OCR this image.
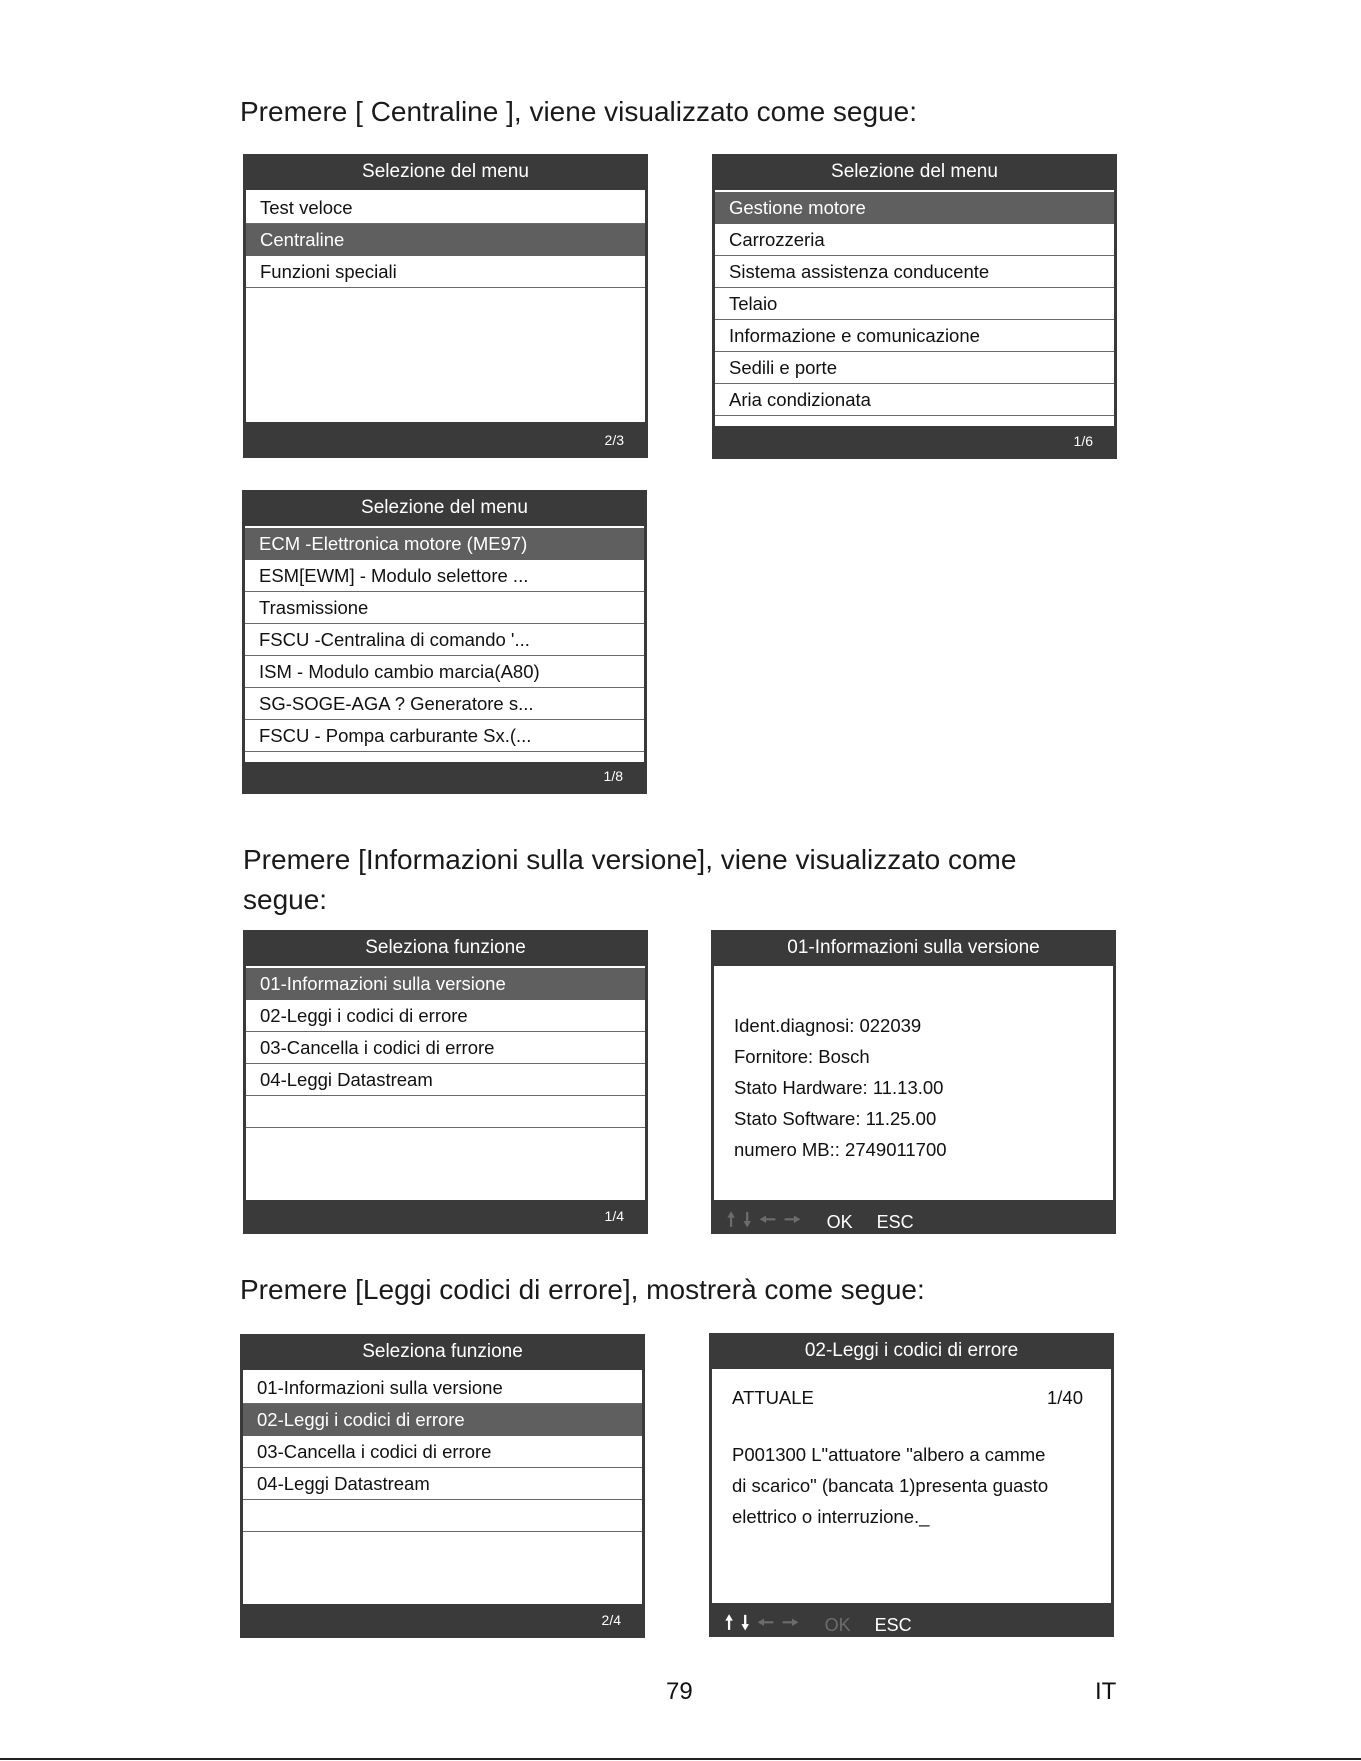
Premere [ Centraline ], viene visualizzato come segue:
Selezione del menu
Test veloce
Centraline
Funzioni speciali
2/3
Selezione del menu
Gestione motore
Carrozzeria
Sistema assistenza conducente
Telaio
Informazione e comunicazione
Sedili e porte
Aria condizionata
1/6
Selezione del menu
ECM -Elettronica motore (ME97)
ESM[EWM] - Modulo selettore ...
Trasmissione
FSCU -Centralina di comando '...
ISM - Modulo cambio marcia(A80)
SG-SOGE-AGA ? Generatore s...
FSCU - Pompa carburante Sx.(...
1/8
Premere [Informazioni sulla versione], viene visualizzato come
segue:
Seleziona funzione
01-Informazioni sulla versione
02-Leggi i codici di errore
03-Cancella i codici di errore
04-Leggi Datastream
1/4
01-Informazioni sulla versione
Ident.diagnosi: 022039
Fornitore: Bosch
Stato Hardware: 11.13.00
Stato Software: 11.25.00
numero MB:: 2749011700
🠕 🠗 🠔 🠖 OK ESC
Premere [Leggi codici di errore], mostrerà come segue:
Seleziona funzione
01-Informazioni sulla versione
02-Leggi i codici di errore
03-Cancella i codici di errore
04-Leggi Datastream
2/4
02-Leggi i codici di errore
ATTUALE	1/40
P001300 L"attuatore "albero a camme
di scarico" (bancata 1)presenta guasto
elettrico o interruzione._
🠕 🠗 🠔 🠖 OK ESC
79	IT
